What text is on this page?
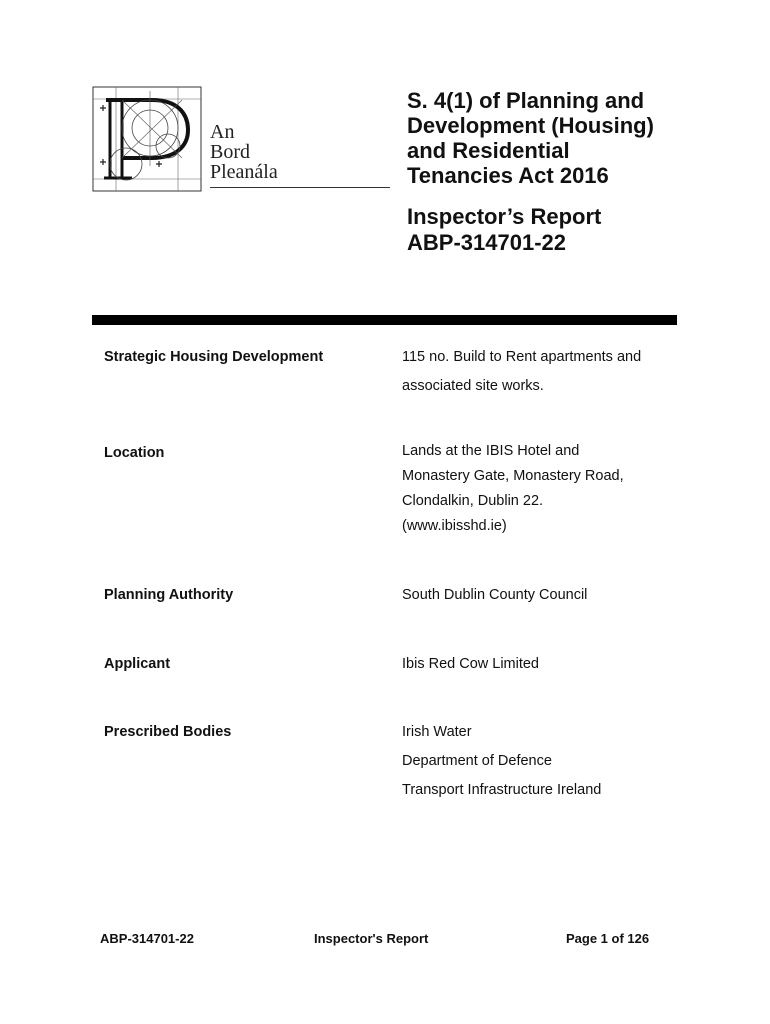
An
Bord
Pleanála
S. 4(1) of Planning and
Development (Housing)
and Residential
Tenancies Act 2016
Inspector’s Report
ABP-314701-22
Strategic Housing Development	115 no. Build to Rent apartments and
associated site works.
Location	Lands at the IBIS Hotel and
Monastery Gate, Monastery Road,
Clondalkin, Dublin 22.
(www.ibisshd.ie)
Planning Authority	South Dublin County Council
Applicant	Ibis Red Cow Limited
Prescribed Bodies	Irish Water
Department of Defence
Transport Infrastructure Ireland
ABP-314701-22	Inspector's Report	Page 1 of 126
